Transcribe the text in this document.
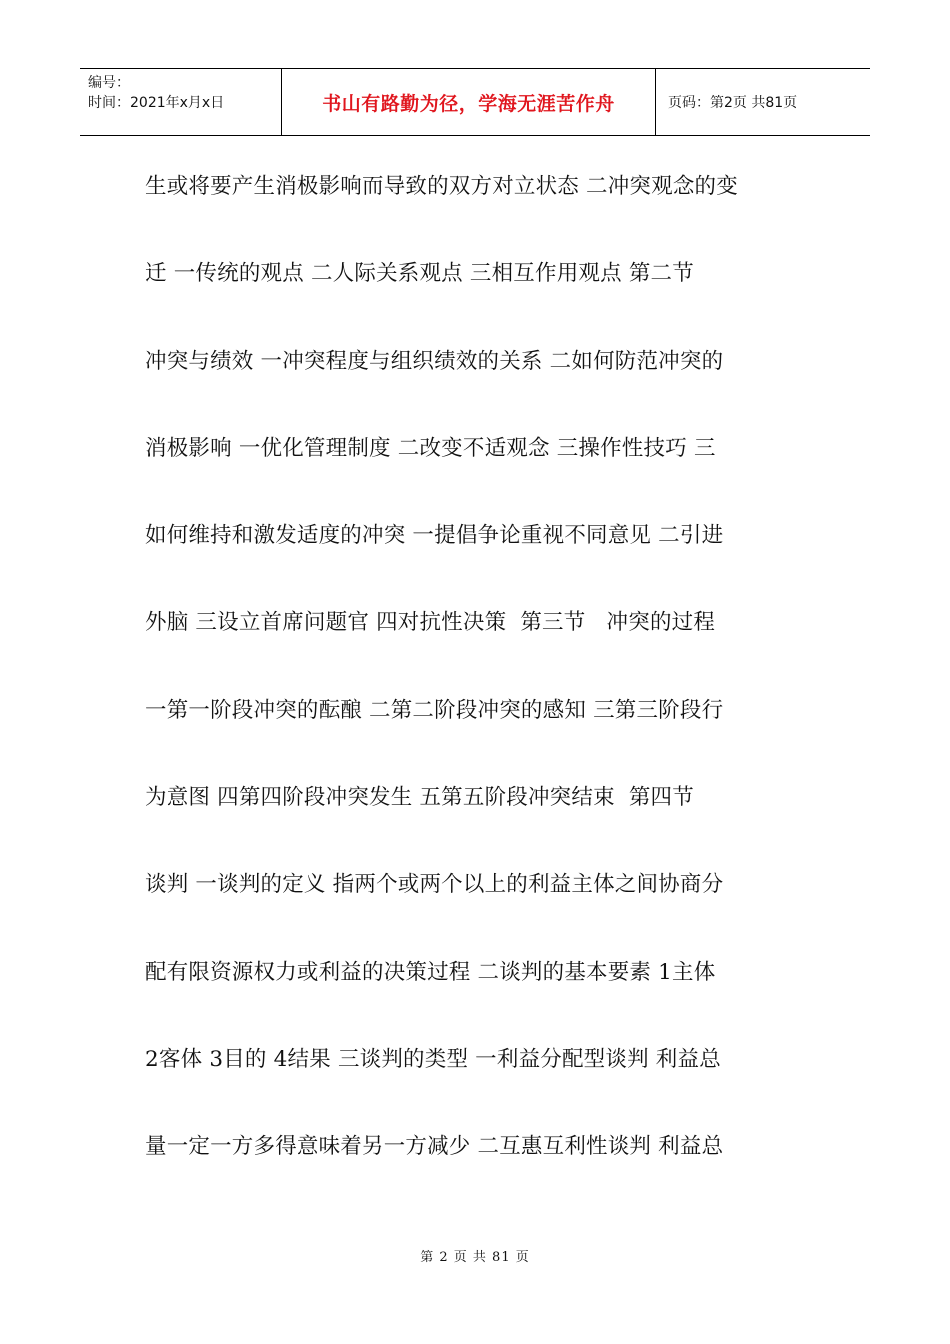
编号：
时间：2021年x月x日	书山有路勤为径，学海无涯苦作舟	页码：第2页 共81页
生或将要产生消极影响而导致的双方对立状态 二冲突观念的变
迁 一传统的观点 二人际关系观点 三相互作用观点 第二节
冲突与绩效 一冲突程度与组织绩效的关系 二如何防范冲突的
消极影响 一优化管理制度 二改变不适观念 三操作性技巧 三
如何维持和激发适度的冲突 一提倡争论重视不同意见 二引进
外脑 三设立首席问题官 四对抗性决策  第三节   冲突的过程
一第一阶段冲突的酝酿 二第二阶段冲突的感知 三第三阶段行
为意图 四第四阶段冲突发生 五第五阶段冲突结束  第四节
谈判 一谈判的定义 指两个或两个以上的利益主体之间协商分
配有限资源权力或利益的决策过程 二谈判的基本要素 1主体
2客体 3目的 4结果 三谈判的类型 一利益分配型谈判 利益总
量一定一方多得意味着另一方减少 二互惠互利性谈判 利益总
第 2 页 共 81 页
